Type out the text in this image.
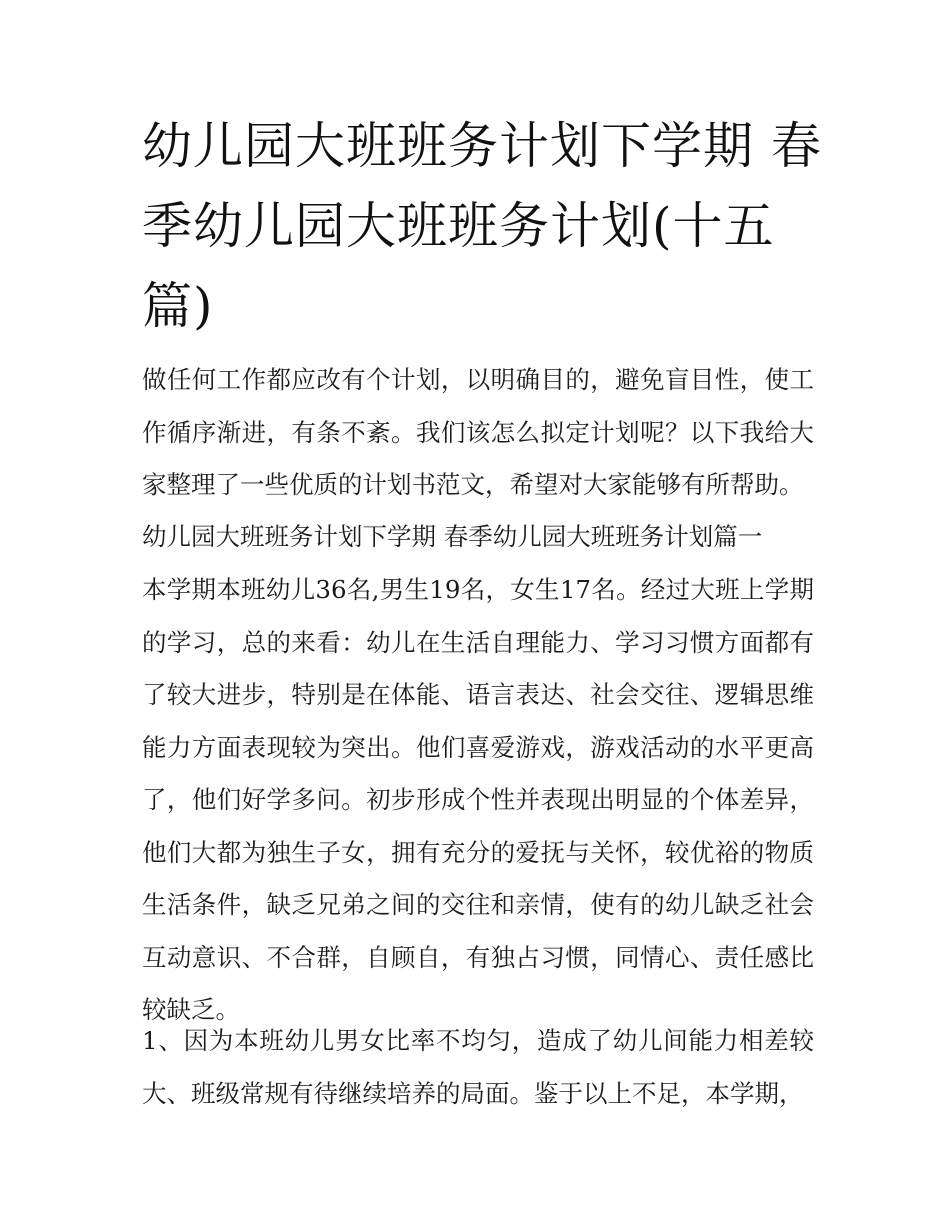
幼儿园大班班务计划下学期 春季幼儿园大班班务计划(十五篇)

做任何工作都应改有个计划，以明确目的，避免盲目性，使工作循序渐进，有条不紊。我们该怎么拟定计划呢？以下我给大家整理了一些优质的计划书范文，希望对大家能够有所帮助。

幼儿园大班班务计划下学期 春季幼儿园大班班务计划篇一

本学期本班幼儿36名,男生19名，女生17名。经过大班上学期的学习，总的来看：幼儿在生活自理能力、学习习惯方面都有了较大进步，特别是在体能、语言表达、社会交往、逻辑思维能力方面表现较为突出。他们喜爱游戏，游戏活动的水平更高了，他们好学多问。初步形成个性并表现出明显的个体差异，他们大都为独生子女，拥有充分的爱抚与关怀，较优裕的物质生活条件，缺乏兄弟之间的交往和亲情，使有的幼儿缺乏社会互动意识、不合群，自顾自，有独占习惯，同情心、责任感比较缺乏。

1、因为本班幼儿男女比率不均匀，造成了幼儿间能力相差较大、班级常规有待继续培养的局面。鉴于以上不足，本学期，
